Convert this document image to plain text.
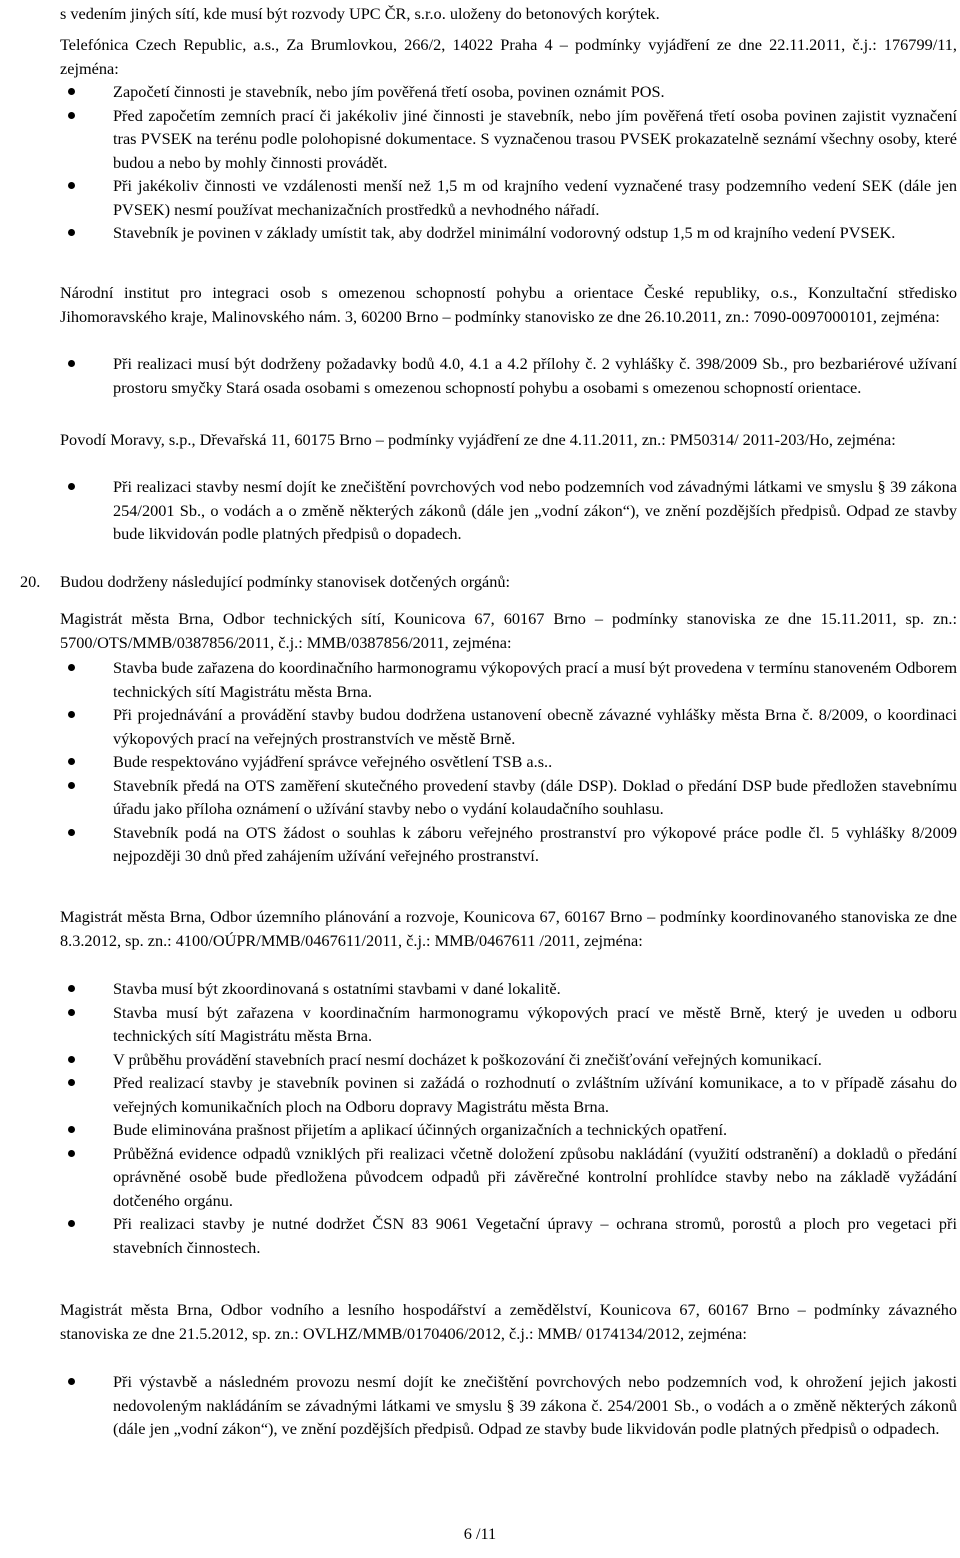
s vedením jiných sítí, kde musí být rozvody UPC ČR, s.r.o. uloženy do betonových korýtek.

Telefónica Czech Republic, a.s., Za Brumlovkou, 266/2, 14022 Praha 4 – podmínky vyjádření ze dne 22.11.2011, č.j.: 176799/11, zejména:

Započetí činnosti je stavebník, nebo jím pověřená třetí osoba, povinen oznámit POS.
Před započetím zemních prací či jakékoliv jiné činnosti je stavebník, nebo jím pověřená třetí osoba povinen zajistit vyznačení tras PVSEK na terénu podle polohopisné dokumentace. S vyznačenou trasou PVSEK prokazatelně seznámí všechny osoby, které budou a nebo by mohly činnosti provádět.
Při jakékoliv činnosti ve vzdálenosti menší než 1,5 m od krajního vedení vyznačené trasy podzemního vedení SEK (dále jen PVSEK) nesmí používat mechanizačních prostředků a nevhodného nářadí.
Stavebník je povinen v základy umístit tak, aby dodržel minimální vodorovný odstup 1,5 m od krajního vedení PVSEK.

Národní institut pro integraci osob s omezenou schopností pohybu a orientace České republiky, o.s., Konzultační středisko Jihomoravského kraje, Malinovského nám. 3, 60200 Brno – podmínky stanovisko ze dne 26.10.2011, zn.: 7090-0097000101, zejména:

Při realizaci musí být dodrženy požadavky bodů 4.0, 4.1 a 4.2 přílohy č. 2 vyhlášky č. 398/2009 Sb., pro bezbariérové užívaní prostoru smyčky Stará osada osobami s omezenou schopností pohybu a osobami s omezenou schopností orientace.

Povodí Moravy, s.p., Dřevařská 11, 60175 Brno – podmínky vyjádření ze dne 4.11.2011, zn.: PM50314/ 2011-203/Ho, zejména:

Při realizaci stavby nesmí dojít ke znečištění povrchových vod nebo podzemních vod závadnými látkami ve smyslu § 39 zákona 254/2001 Sb., o vodách a o změně některých zákonů (dále jen „vodní zákon“), ve znění pozdějších předpisů. Odpad ze stavby bude likvidován podle platných předpisů o dopadech.
20. Budou dodrženy následující podmínky stanovisek dotčených orgánů:

Magistrát města Brna, Odbor technických sítí, Kounicova 67, 60167 Brno – podmínky stanoviska ze dne 15.11.2011, sp. zn.: 5700/OTS/MMB/0387856/2011, č.j.: MMB/0387856/2011, zejména:

Stavba bude zařazena do koordinačního harmonogramu výkopových prací a musí být provedena v termínu stanoveném Odborem technických sítí Magistrátu města Brna.
Při projednávání a provádění stavby budou dodržena ustanovení obecně závazné vyhlášky města Brna č. 8/2009, o koordinaci výkopových prací na veřejných prostranstvích ve městě Brně.
Bude respektováno vyjádření správce veřejného osvětlení TSB a.s..
Stavebník předá na OTS zaměření skutečného provedení stavby (dále DSP). Doklad o předání DSP bude předložen stavebnímu úřadu jako příloha oznámení o užívání stavby nebo o vydání kolaudačního souhlasu.
Stavebník podá na OTS žádost o souhlas k záboru veřejného prostranství pro výkopové práce podle čl. 5 vyhlášky 8/2009 nejpozději 30 dnů před zahájením užívání veřejného prostranství.

Magistrát města Brna, Odbor územního plánování a rozvoje, Kounicova 67, 60167 Brno – podmínky koordinovaného stanoviska ze dne 8.3.2012, sp. zn.: 4100/OÚPR/MMB/0467611/2011, č.j.: MMB/0467611 /2011, zejména:

Stavba musí být zkoordinovaná s ostatními stavbami v dané lokalitě.
Stavba musí být zařazena v koordinačním harmonogramu výkopových prací ve městě Brně, který je uveden u odboru technických sítí Magistrátu města Brna.
V průběhu provádění stavebních prací nesmí docházet k poškozování či znečišťování veřejných komunikací.
Před realizací stavby je stavebník povinen si zažádá o rozhodnutí o zvláštním užívání komunikace, a to v případě zásahu do veřejných komunikačních ploch na Odboru dopravy Magistrátu města Brna.
Bude eliminována prašnost přijetím a aplikací účinných organizačních a technických opatření.
Průběžná evidence odpadů vzniklých při realizaci včetně doložení způsobu nakládání (využití odstranění) a dokladů o předání oprávněné osobě bude předložena původcem odpadů při závěrečné kontrolní prohlídce stavby nebo na základě vyžádání dotčeného orgánu.
Při realizaci stavby je nutné dodržet ČSN 83 9061 Vegetační úpravy – ochrana stromů, porostů a ploch pro vegetaci při stavebních činnostech.

Magistrát města Brna, Odbor vodního a lesního hospodářství a zemědělství, Kounicova 67, 60167 Brno – podmínky závazného stanoviska ze dne 21.5.2012, sp. zn.: OVLHZ/MMB/0170406/2012, č.j.: MMB/ 0174134/2012, zejména:

Při výstavbě a následném provozu nesmí dojít ke znečištění povrchových nebo podzemních vod, k ohrožení jejich jakosti nedovoleným nakládáním se závadnými látkami ve smyslu § 39 zákona č. 254/2001 Sb., o vodách a o změně některých zákonů (dále jen „vodní zákon“), ve znění pozdějších předpisů. Odpad ze stavby bude likvidován podle platných předpisů o odpadech.
6 /11
